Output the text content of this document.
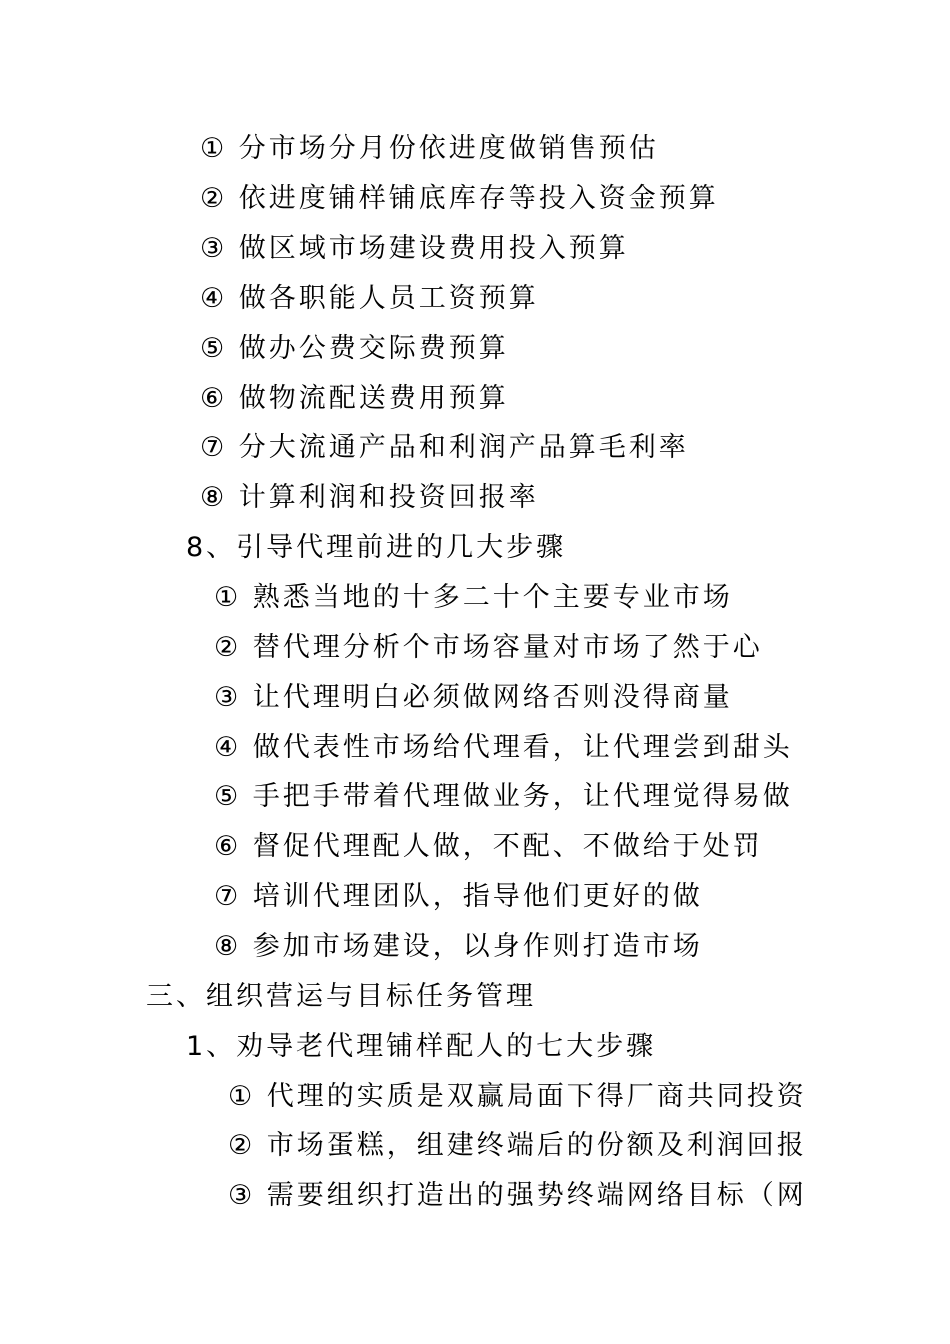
① 分市场分月份依进度做销售预估
② 依进度铺样铺底库存等投入资金预算
③ 做区域市场建设费用投入预算
④ 做各职能人员工资预算
⑤ 做办公费交际费预算
⑥ 做物流配送费用预算
⑦ 分大流通产品和利润产品算毛利率
⑧ 计算利润和投资回报率
8、引导代理前进的几大步骤
① 熟悉当地的十多二十个主要专业市场
② 替代理分析个市场容量对市场了然于心
③ 让代理明白必须做网络否则没得商量
④ 做代表性市场给代理看，让代理尝到甜头
⑤ 手把手带着代理做业务，让代理觉得易做
⑥ 督促代理配人做，不配、不做给于处罚
⑦ 培训代理团队，指导他们更好的做
⑧ 参加市场建设，以身作则打造市场
三、组织营运与目标任务管理
1、劝导老代理铺样配人的七大步骤
① 代理的实质是双赢局面下得厂商共同投资
② 市场蛋糕，组建终端后的份额及利润回报
③ 需要组织打造出的强势终端网络目标（网
